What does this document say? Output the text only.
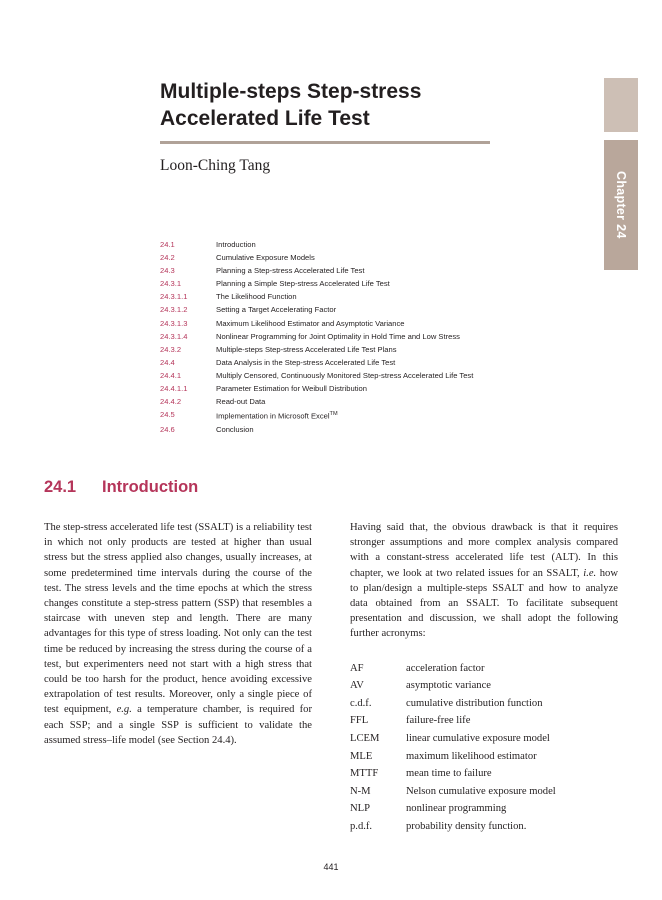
Chapter 24
Multiple-steps Step-stress
Accelerated Life Test
Loon-Ching Tang
24.1	Introduction
24.2	Cumulative Exposure Models
24.3	Planning a Step-stress Accelerated Life Test
24.3.1	Planning a Simple Step-stress Accelerated Life Test
24.3.1.1	The Likelihood Function
24.3.1.2	Setting a Target Accelerating Factor
24.3.1.3	Maximum Likelihood Estimator and Asymptotic Variance
24.3.1.4	Nonlinear Programming for Joint Optimality in Hold Time and Low Stress
24.3.2	Multiple-steps Step-stress Accelerated Life Test Plans
24.4	Data Analysis in the Step-stress Accelerated Life Test
24.4.1	Multiply Censored, Continuously Monitored Step-stress Accelerated Life Test
24.4.1.1	Parameter Estimation for Weibull Distribution
24.4.2	Read-out Data
24.5	Implementation in Microsoft Excel™
24.6	Conclusion
24.1	Introduction

The step-stress accelerated life test (SSALT) is a reliability test in which not only products are tested at higher than usual stress but the stress applied also changes, usually increases, at some predetermined time intervals during the course of the test. The stress levels and the time epochs at which the stress changes constitute a step-stress pattern (SSP) that resembles a staircase with uneven step and length. There are many advantages for this type of stress loading. Not only can the test time be reduced by increasing the stress during the course of a test, but experimenters need not start with a high stress that could be too harsh for the product, hence avoiding excessive extrapolation of test results. Moreover, only a single piece of test equipment, e.g. a temperature chamber, is required for each SSP; and a single SSP is sufficient to validate the assumed stress–life model (see Section 24.4).

Having said that, the obvious drawback is that it requires stronger assumptions and more complex analysis compared with a constant-stress accelerated life test (ALT). In this chapter, we look at two related issues for an SSALT, i.e. how to plan/design a multiple-steps SSALT and how to analyze data obtained from an SSALT. To facilitate subsequent presentation and discussion, we shall adopt the following further acronyms:

AF	acceleration factor
AV	asymptotic variance
c.d.f.	cumulative distribution function
FFL	failure-free life
LCEM	linear cumulative exposure model
MLE	maximum likelihood estimator
MTTF	mean time to failure
N-M	Nelson cumulative exposure model
NLP	nonlinear programming
p.d.f.	probability density function.
441
